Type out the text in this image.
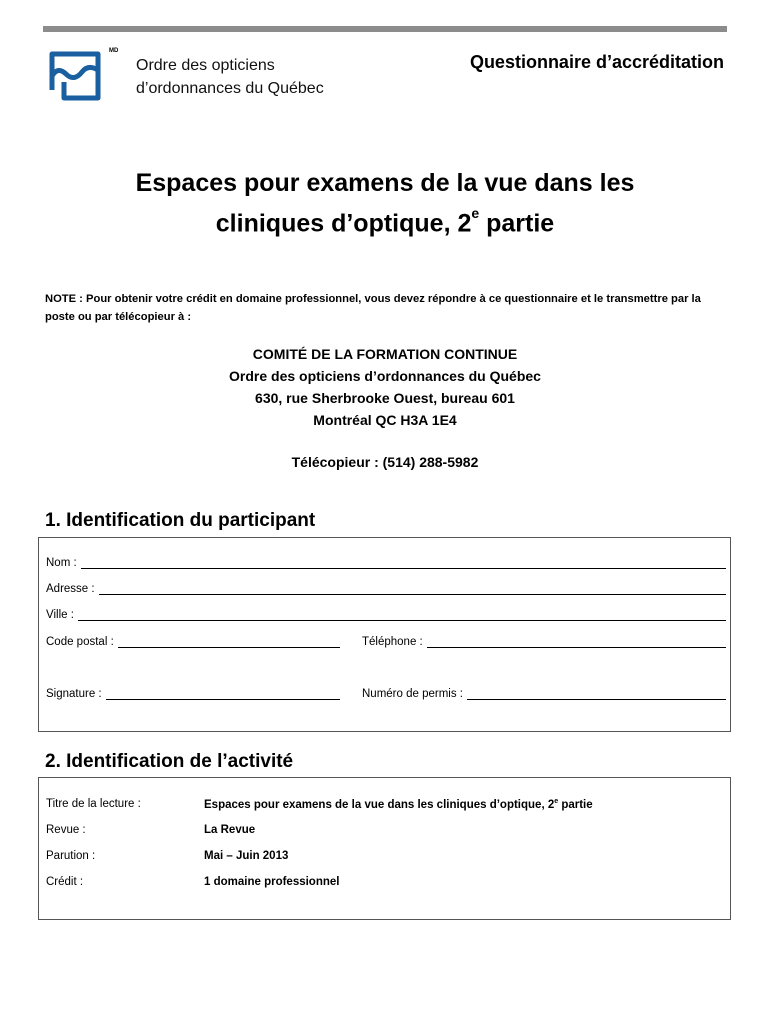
MD
Ordre des opticiens
d’ordonnances du Québec
Questionnaire d’accréditation
Espaces pour examens de la vue dans les
cliniques d’optique, 2e partie
NOTE : Pour obtenir votre crédit en domaine professionnel, vous devez répondre à ce questionnaire et le transmettre par la poste ou par télécopieur à :
COMITÉ DE LA FORMATION CONTINUE
Ordre des opticiens d’ordonnances du Québec
630, rue Sherbrooke Ouest, bureau 601
Montréal QC H3A 1E4
Télécopieur : (514) 288-5982
1. Identification du participant
Nom :
Adresse :
Ville :
Code postal :	Téléphone :
Signature :	Numéro de permis :
2. Identification de l’activité
Titre de la lecture :	Espaces pour examens de la vue dans les cliniques d’optique, 2e partie
Revue :	La Revue
Parution :	Mai – Juin 2013
Crédit :	1 domaine professionnel
